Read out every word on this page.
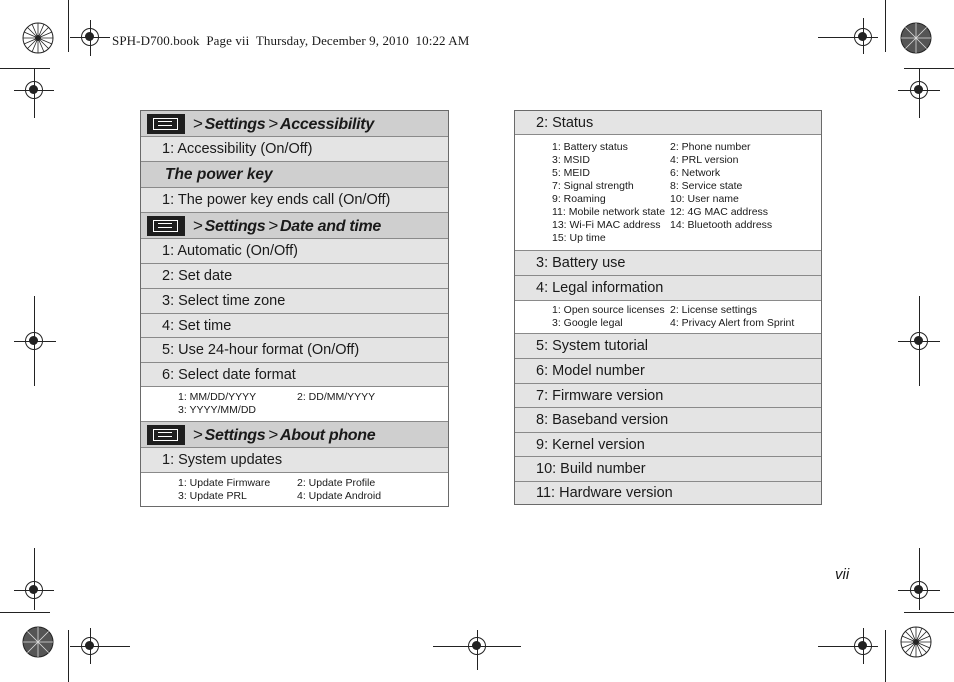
SPH-D700.book  Page vii  Thursday, December 9, 2010  10:22 AM
vii
> Settings > Accessibility
1: Accessibility (On/Off)
The power key
1: The power key ends call (On/Off)
> Settings > Date and time
1: Automatic (On/Off)
2: Set date
3: Select time zone
4: Set time
5: Use 24-hour format (On/Off)
6: Select date format
1: MM/DD/YYYY	2: DD/MM/YYYY
3: YYYY/MM/DD
> Settings > About phone
1: System updates
1: Update Firmware	2: Update Profile
3: Update PRL	4: Update Android
2: Status
1: Battery status	2: Phone number
3: MSID	4: PRL version
5: MEID	6: Network
7: Signal strength	8: Service state
9: Roaming	10: User name
11: Mobile network state 12: 4G MAC address
13: Wi-Fi MAC address 14: Bluetooth address
15: Up time
3: Battery use
4: Legal information
1: Open source licenses 2: License settings
3: Google legal	4: Privacy Alert from Sprint
5: System tutorial
6: Model number
7: Firmware version
8: Baseband version
9: Kernel version
10: Build number
11: Hardware version
